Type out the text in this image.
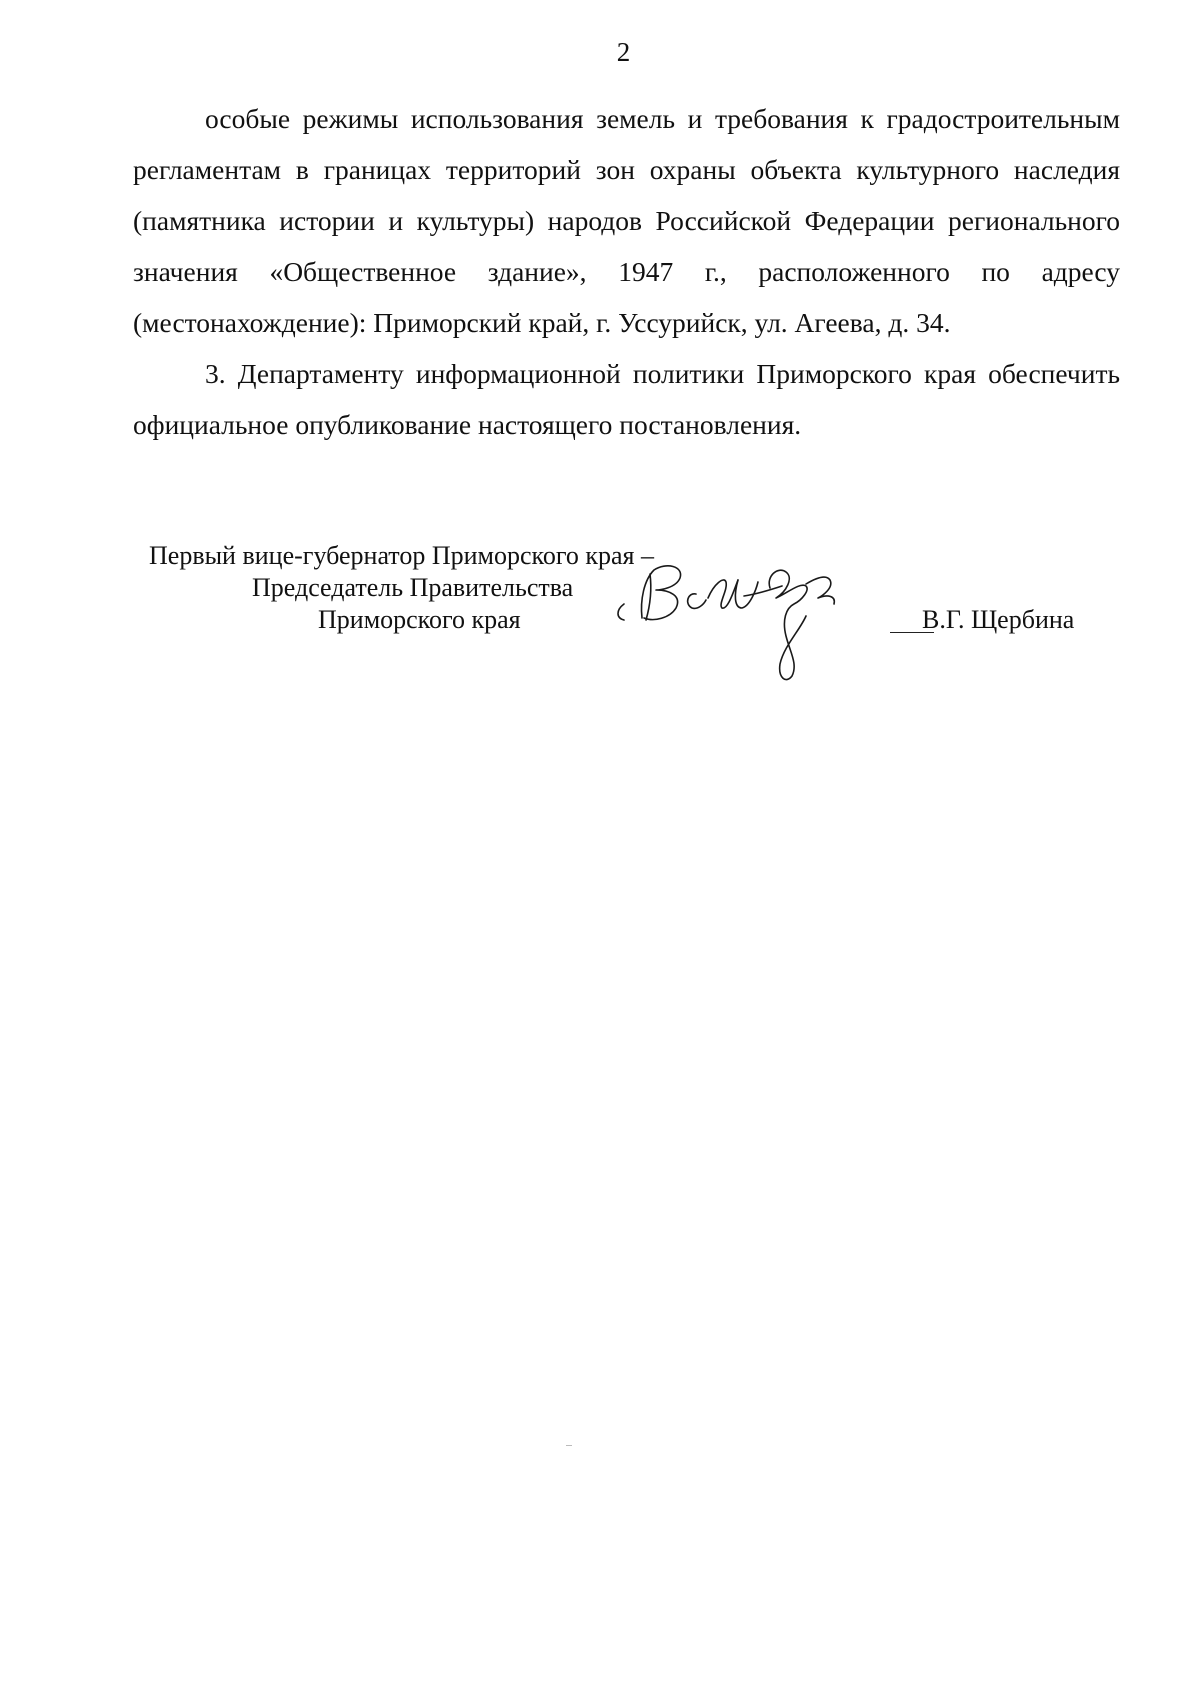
2

особые режимы использования земель и требования к градостроительным регламентам в границах территорий зон охраны объекта культурного наследия (памятника истории и культуры) народов Российской Федерации регионального значения «Общественное здание», 1947 г., расположенного по адресу (местонахождение): Приморский край, г. Уссурийск, ул. Агеева, д. 34.

3. Департаменту информационной политики Приморского края обеспечить официальное опубликование настоящего постановления.

Первый вице-губернатор Приморского края –
Председатель Правительства
Приморского края	В.Г. Щербина
